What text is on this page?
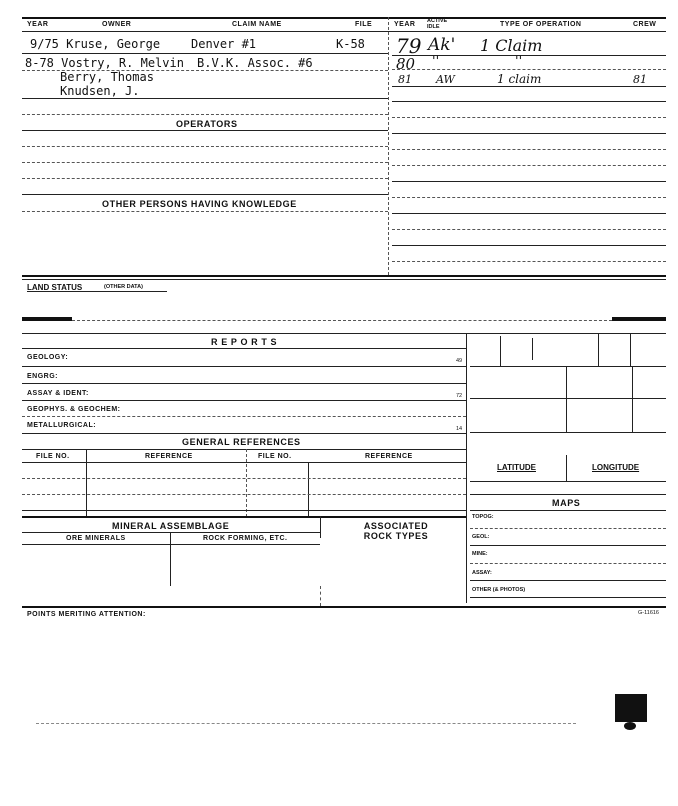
YEAR	OWNER	CLAIM NAME	FILE	YEAR ACTIVE IDLE	TYPE OF OPERATION	CREW
9/75 Kruse, George	Denver #1	K-58
8-78 Vostry, R. Melvin B.V.K. Assoc. #6
Berry, Thomas
Knudsen, J.
79 Ak' 1 Claim
80 ''	''
81 AW	1 claim	81
OPERATORS
OTHER PERSONS HAVING KNOWLEDGE
LAND STATUS	(OTHER DATA)
R E P O R T S
GEOLOGY:	49
ENGRG:
ASSAY & IDENT:	72
GEOPHYS. & GEOCHEM:
METALLURGICAL:	14
GENERAL REFERENCES
FILE NO.	REFERENCE	FILE NO.	REFERENCE
MINERAL ASSEMBLAGE	ASSOCIATED ROCK TYPES
ORE MINERALS	ROCK FORMING, ETC.
LATITUDE	LONGITUDE
MAPS
TOPOG:
GEOL:
MINE:
ASSAY:
OTHER (& PHOTOS)
POINTS MERITING ATTENTION:	G-11616
